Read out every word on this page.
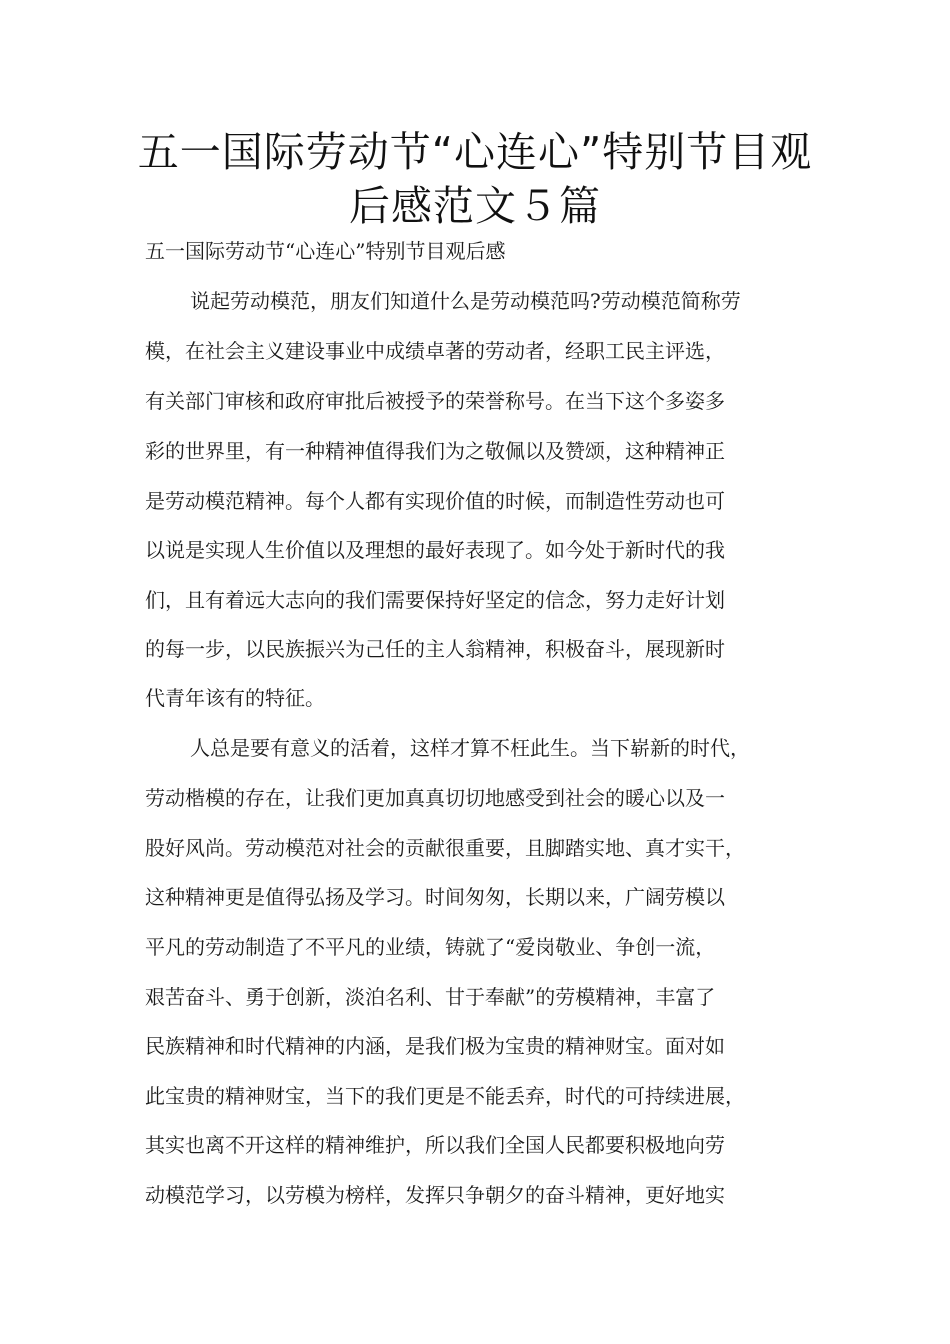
五一国际劳动节“心连心”特别节目观
后感范文５篇
五一国际劳动节“心连心”特别节目观后感
说起劳动模范，朋友们知道什么是劳动模范吗?劳动模范简称劳
模，在社会主义建设事业中成绩卓著的劳动者，经职工民主评选，
有关部门审核和政府审批后被授予的荣誉称号。在当下这个多姿多
彩的世界里，有一种精神值得我们为之敬佩以及赞颂，这种精神正
是劳动模范精神。每个人都有实现价值的时候，而制造性劳动也可
以说是实现人生价值以及理想的最好表现了。如今处于新时代的我
们，且有着远大志向的我们需要保持好坚定的信念，努力走好计划
的每一步，以民族振兴为己任的主人翁精神，积极奋斗，展现新时
代青年该有的特征。
人总是要有意义的活着，这样才算不枉此生。当下崭新的时代，
劳动楷模的存在，让我们更加真真切切地感受到社会的暖心以及一
股好风尚。劳动模范对社会的贡献很重要，且脚踏实地、真才实干，
这种精神更是值得弘扬及学习。时间匆匆，长期以来，广阔劳模以
平凡的劳动制造了不平凡的业绩，铸就了“爱岗敬业、争创一流，
艰苦奋斗、勇于创新，淡泊名利、甘于奉献”的劳模精神，丰富了
民族精神和时代精神的内涵，是我们极为宝贵的精神财宝。面对如
此宝贵的精神财宝，当下的我们更是不能丢弃，时代的可持续进展，
其实也离不开这样的精神维护，所以我们全国人民都要积极地向劳
动模范学习，以劳模为榜样，发挥只争朝夕的奋斗精神，更好地实
